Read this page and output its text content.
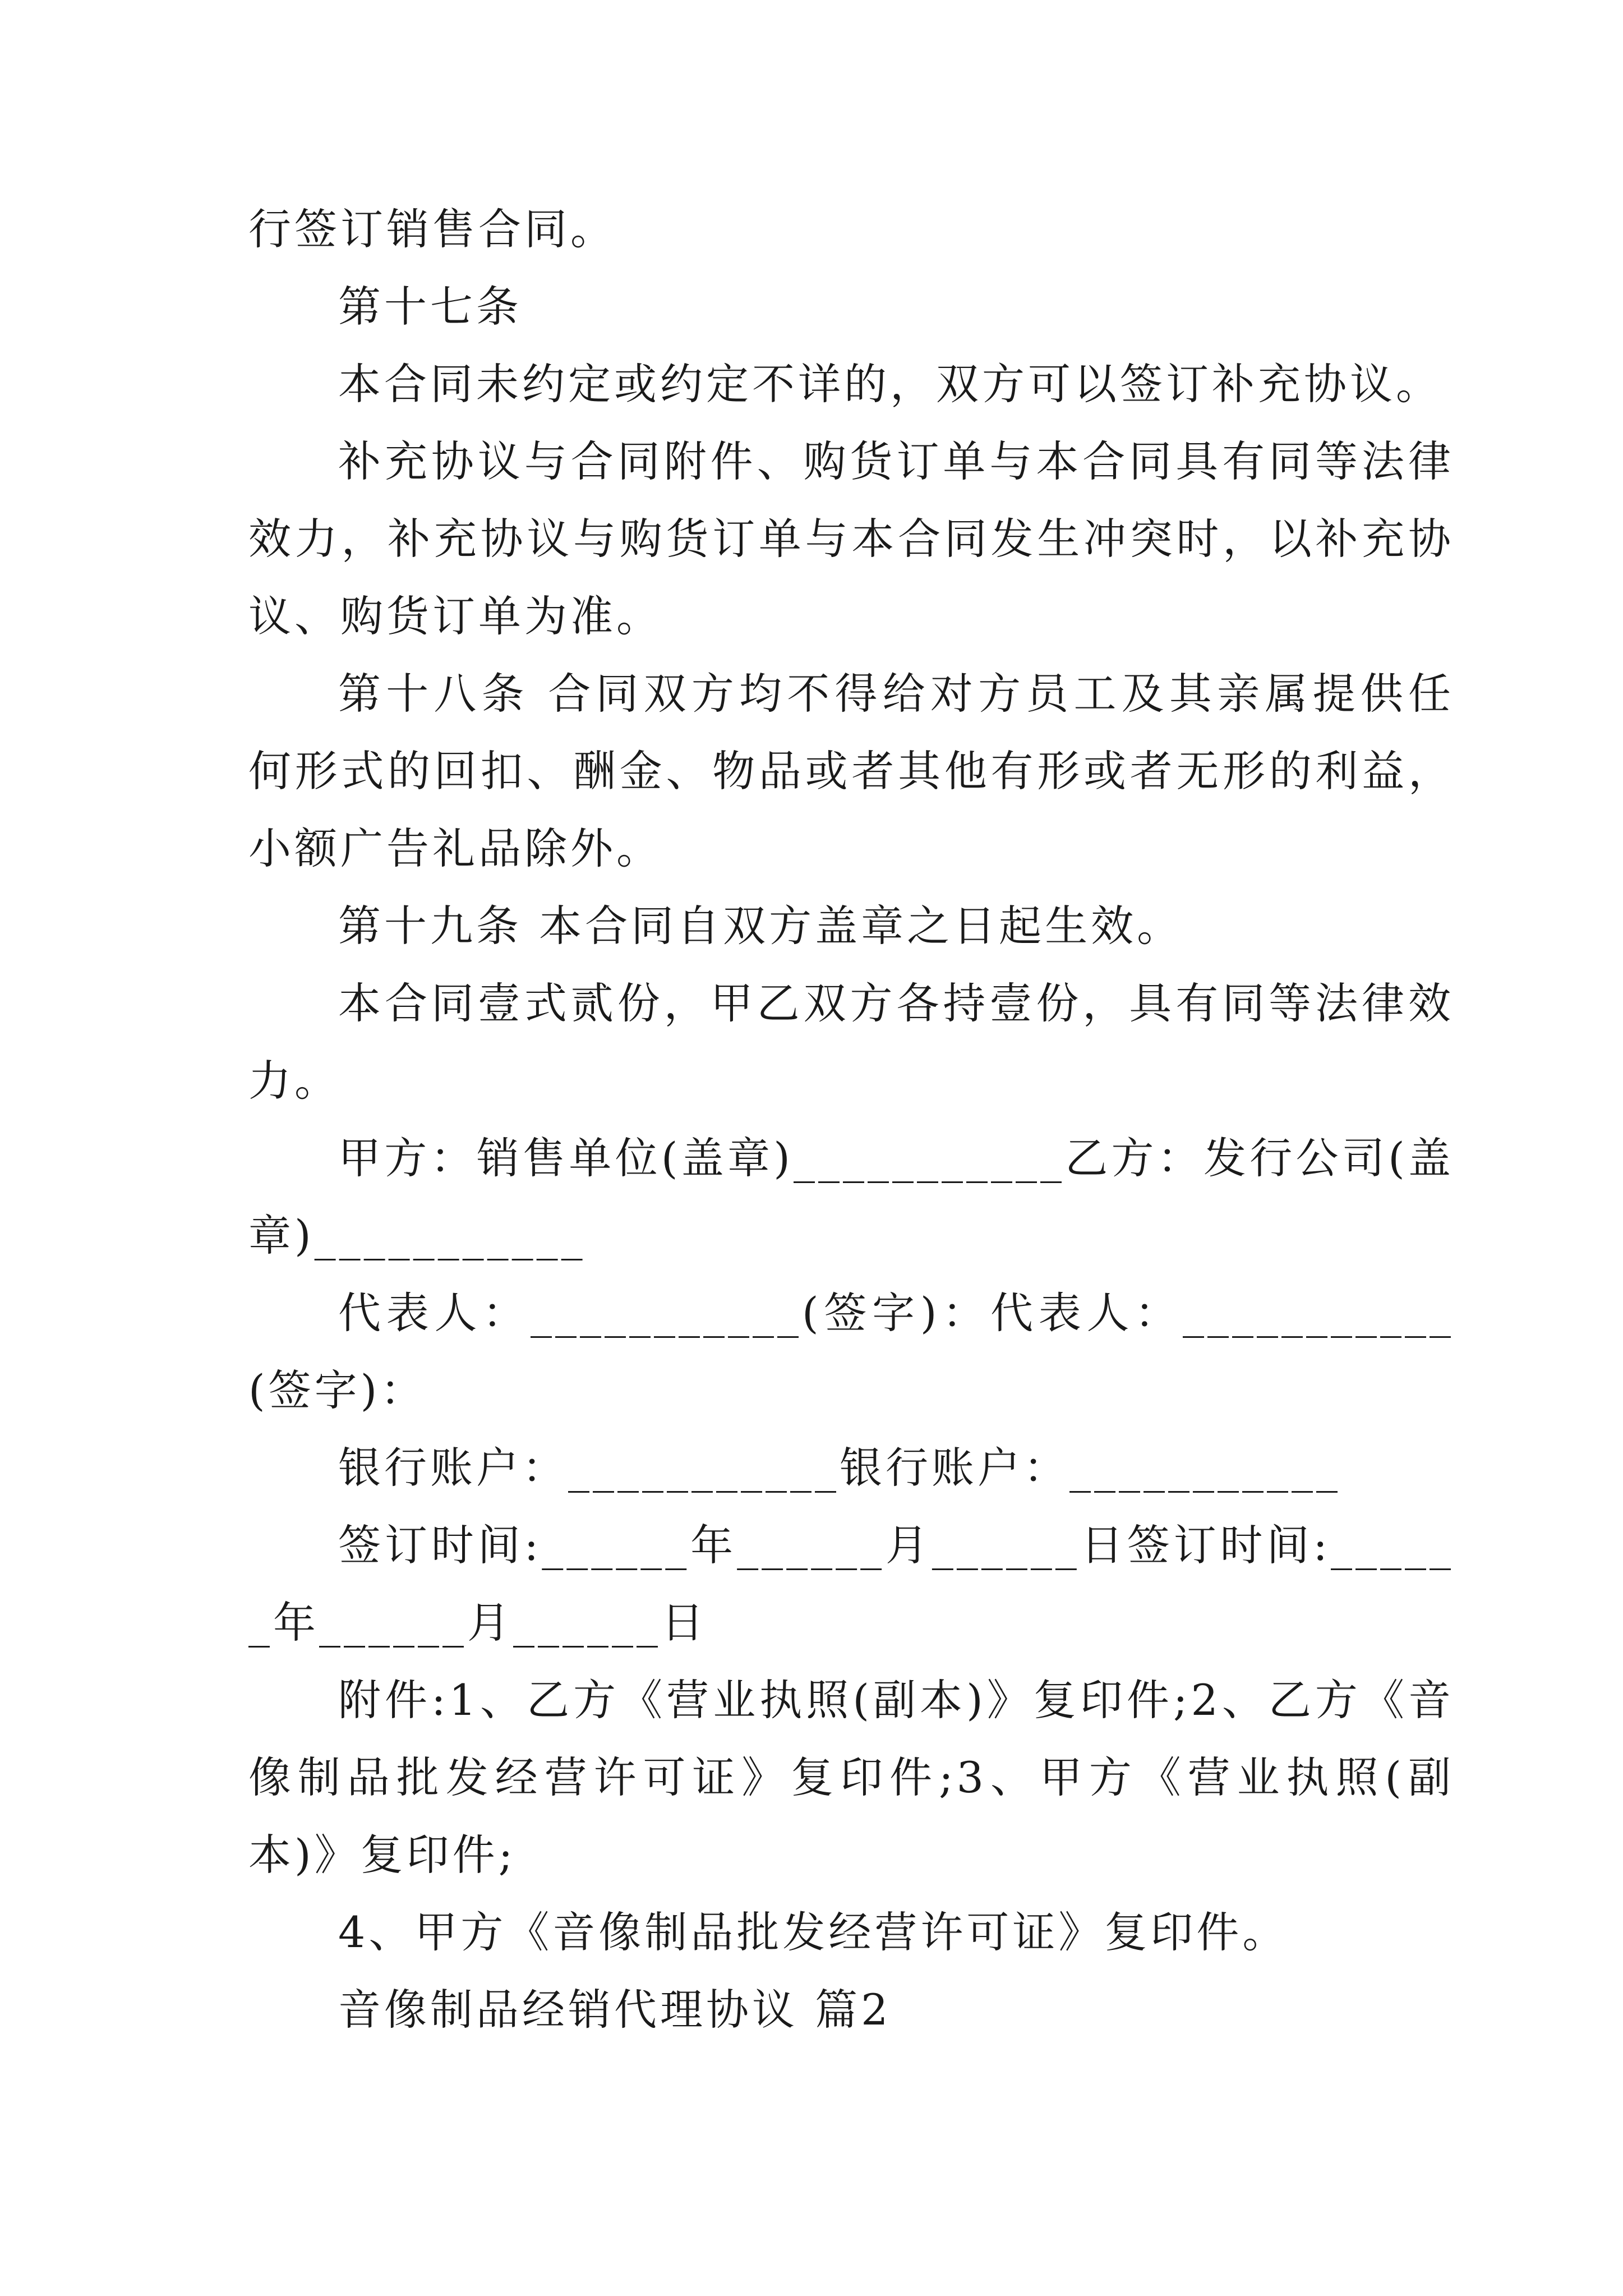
行签订销售合同。

第十七条

本合同未约定或约定不详的，双方可以签订补充协议。

补充协议与合同附件、购货订单与本合同具有同等法律效力，补充协议与购货订单与本合同发生冲突时，以补充协议、购货订单为准。

第十八条 合同双方均不得给对方员工及其亲属提供任何形式的回扣、酬金、物品或者其他有形或者无形的利益，小额广告礼品除外。

第十九条 本合同自双方盖章之日起生效。

本合同壹式贰份，甲乙双方各持壹份，具有同等法律效力。

甲方：销售单位(盖章)___________乙方：发行公司(盖章)___________

代表人：___________(签字)：代表人：___________(签字)：

银行账户：___________银行账户：___________

签订时间:______年______月______日签订时间:______年______月______日

附件:1、乙方《营业执照(副本)》复印件;2、乙方《音像制品批发经营许可证》复印件;3、甲方《营业执照(副本)》复印件;

4、甲方《音像制品批发经营许可证》复印件。

音像制品经销代理协议 篇2
